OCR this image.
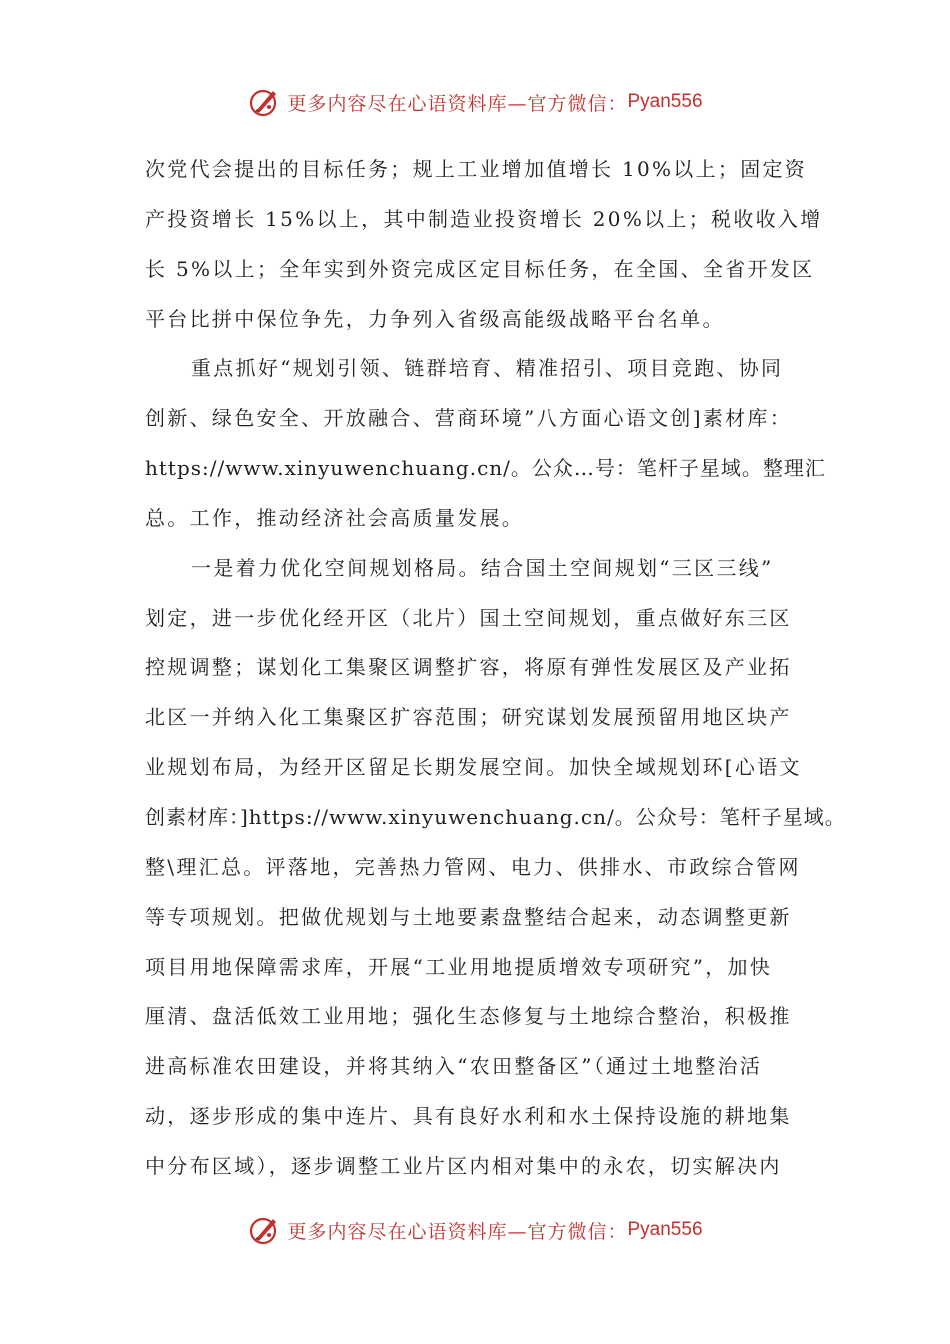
更多内容尽在心语资料库—官方微信： Pyan556
次党代会提出的目标任务；规上工业增加值增长 10%以上；固定资
产投资增长 15%以上，其中制造业投资增长 20%以上；税收收入增
长 5%以上；全年实到外资完成区定目标任务，在全国、全省开发区
平台比拼中保位争先，力争列入省级高能级战略平台名单。
重点抓好“规划引领、链群培育、精准招引、项目竞跑、协同
创新、绿色安全、开放融合、营商环境”八方面心语文创]素材库：
https://www.xinyuwenchuang.cn/。公众…号：笔杆子星域。整理汇
总。工作，推动经济社会高质量发展。
一是着力优化空间规划格局。结合国土空间规划“三区三线”
划定，进一步优化经开区（北片）国土空间规划，重点做好东三区
控规调整；谋划化工集聚区调整扩容，将原有弹性发展区及产业拓
北区一并纳入化工集聚区扩容范围；研究谋划发展预留用地区块产
业规划布局，为经开区留足长期发展空间。加快全域规划环[心语文
创素材库：]https://www.xinyuwenchuang.cn/。公众号：笔杆子星域。
整\理汇总。评落地，完善热力管网、电力、供排水、市政综合管网
等专项规划。把做优规划与土地要素盘整结合起来，动态调整更新
项目用地保障需求库，开展“工业用地提质增效专项研究”，加快
厘清、盘活低效工业用地；强化生态修复与土地综合整治，积极推
进高标准农田建设，并将其纳入“农田整备区”（通过土地整治活
动，逐步形成的集中连片、具有良好水利和水土保持设施的耕地集
中分布区域），逐步调整工业片区内相对集中的永农，切实解决内
更多内容尽在心语资料库—官方微信： Pyan556
